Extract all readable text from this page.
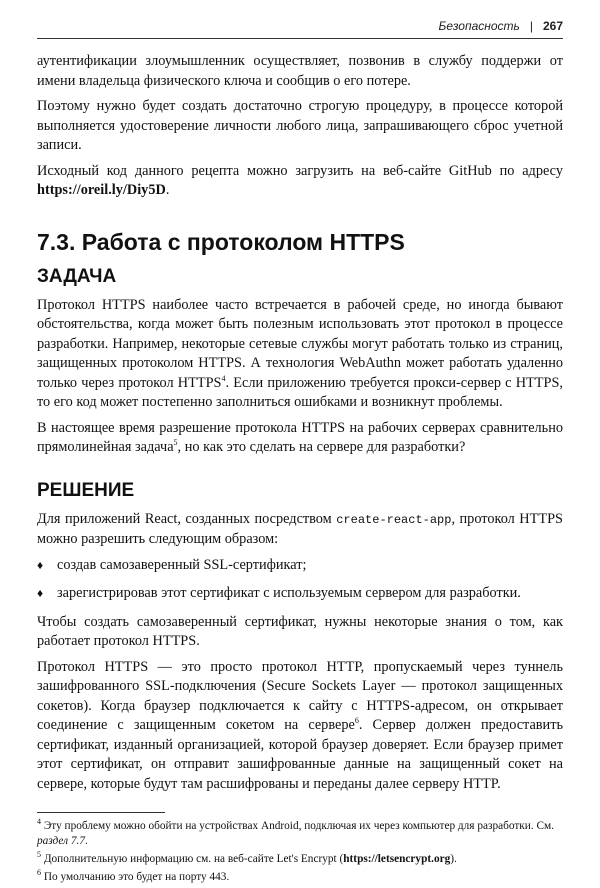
Безопасность | 267

аутентификации злоумышленник осуществляет, позвонив в службу поддержи от имени владельца физического ключа и сообщив о его потере.

Поэтому нужно будет создать достаточно строгую процедуру, в процессе которой выполняется удостоверение личности любого лица, запрашивающего сброс учетной записи.

Исходный код данного рецепта можно загрузить на веб-сайте GitHub по адресу https://oreil.ly/Diy5D.

7.3. Работа с протоколом HTTPS
ЗАДАЧА

Протокол HTTPS наиболее часто встречается в рабочей среде, но иногда бывают обстоятельства, когда может быть полезным использовать этот протокол в процессе разработки. Например, некоторые сетевые службы могут работать только из страниц, защищенных протоколом HTTPS. А технология WebAuthn может работать удаленно только через протокол HTTPS$^4$. Если приложению требуется прокси-сервер с HTTPS, то его код может постепенно заполниться ошибками и возникнут проблемы.

В настоящее время разрешение протокола HTTPS на рабочих серверах сравнительно прямолинейная задача$^5$, но как это сделать на сервере для разработки?

РЕШЕНИЕ

Для приложений React, созданных посредством create-react-app, протокол HTTPS можно разрешить следующим образом:

♦ создав самозаверенный SSL-сертификат;
♦ зарегистрировав этот сертификат с используемым сервером для разработки.

Чтобы создать самозаверенный сертификат, нужны некоторые знания о том, как работает протокол HTTPS.

Протокол HTTPS — это просто протокол HTTP, пропускаемый через туннель зашифрованного SSL-подключения (Secure Sockets Layer — протокол защищенных сокетов). Когда браузер подключается к сайту с HTTPS-адресом, он открывает соединение с защищенным сокетом на сервере$^6$. Сервер должен предоставить сертификат, изданный организацией, которой браузер доверяет. Если браузер примет этот сертификат, он отправит зашифрованные данные на защищенный сокет на сервере, которые будут там расшифрованы и переданы далее серверу HTTP.

$^4$ Эту проблему можно обойти на устройствах Android, подключая их через компьютер для разработки. См. раздел 7.7.

$^5$ Дополнительную информацию см. на веб-сайте Let's Encrypt (https://letsencrypt.org).

$^6$ По умолчанию это будет на порту 443.
